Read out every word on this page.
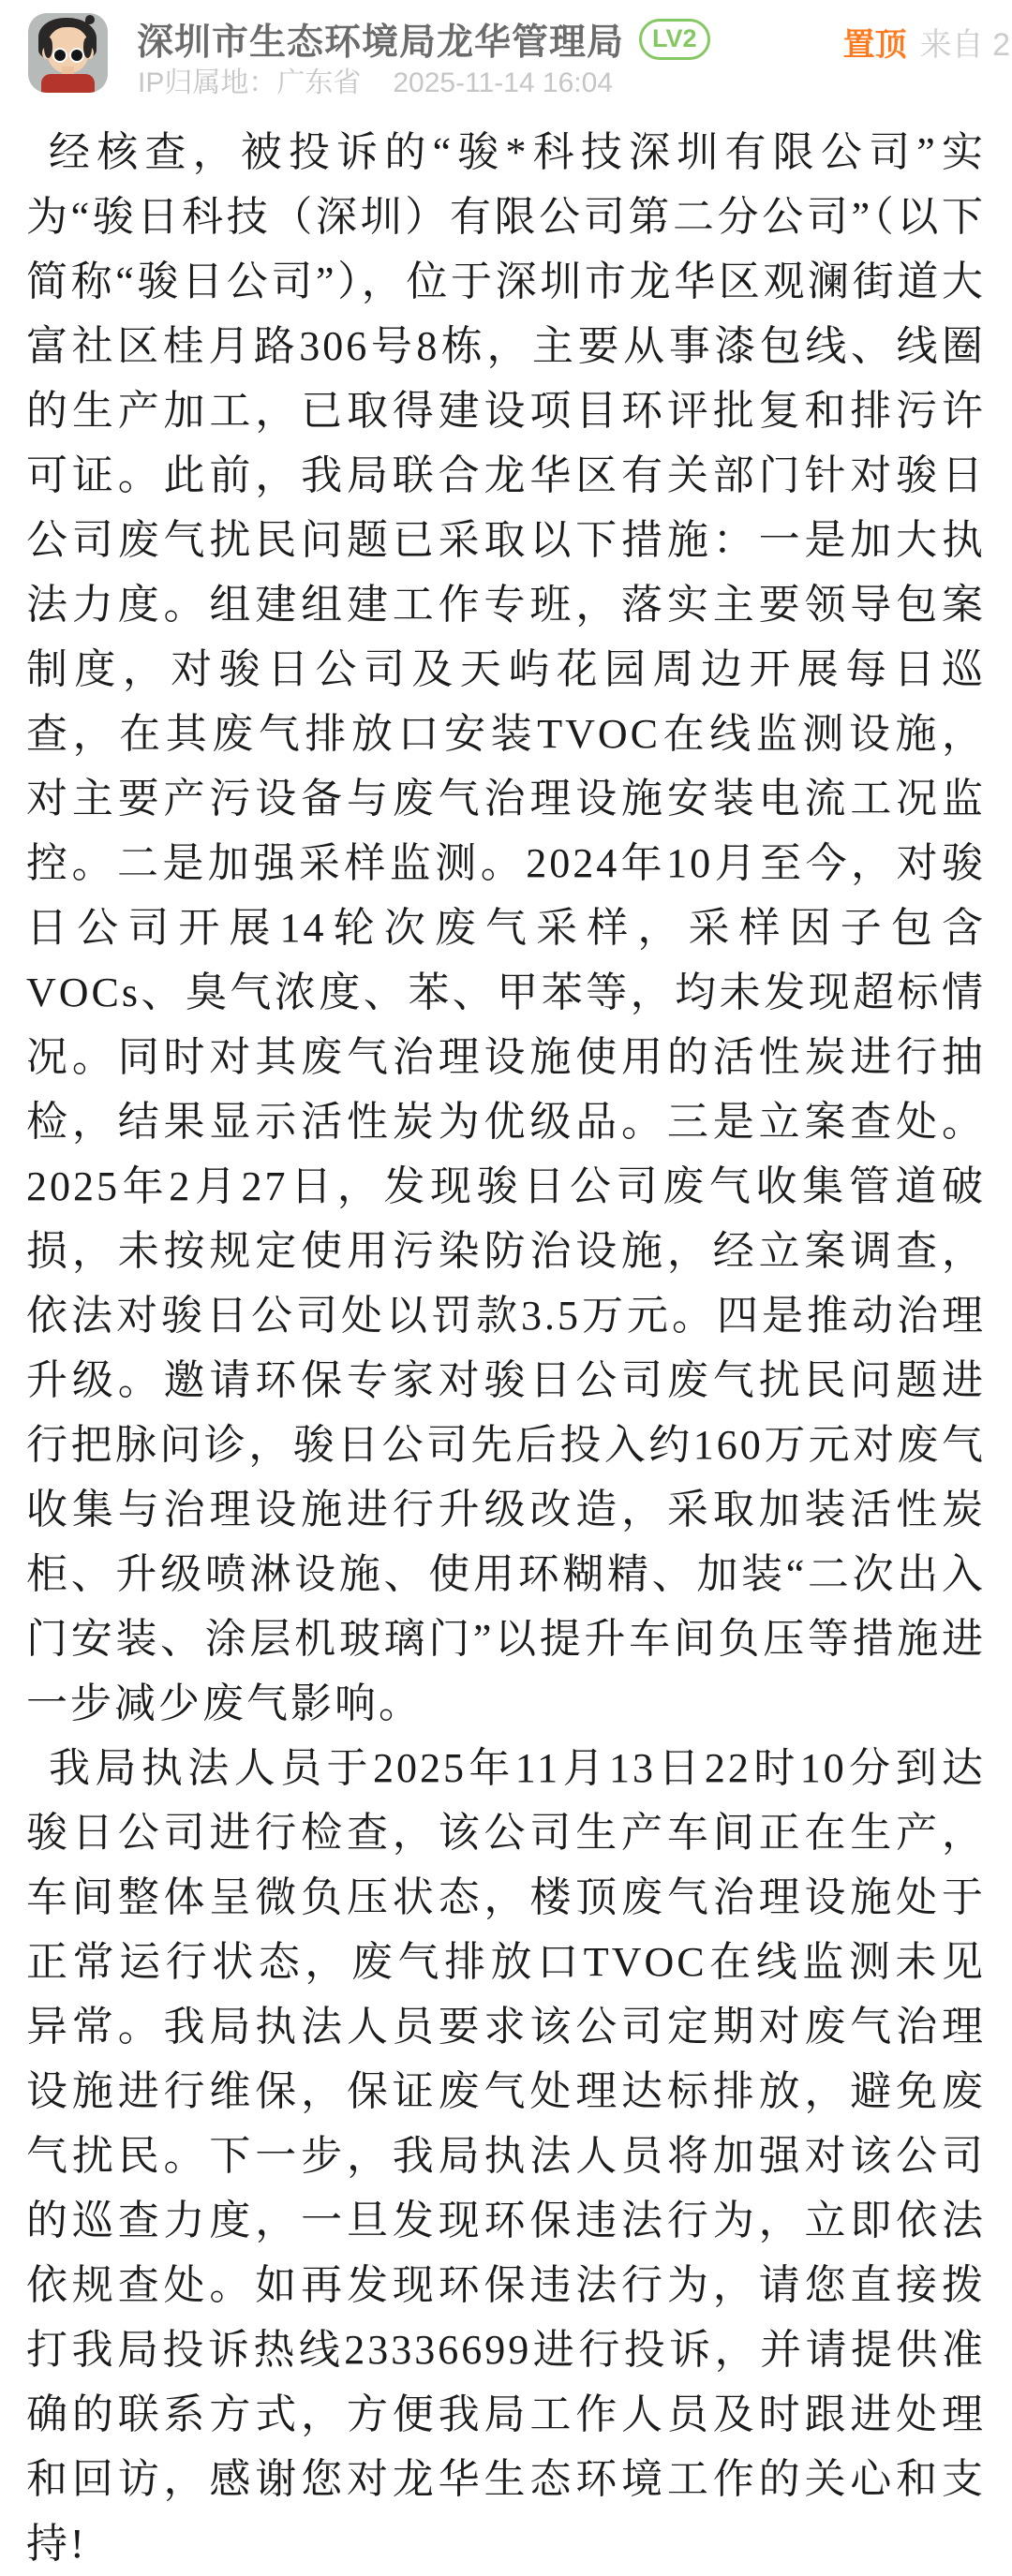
深圳市生态环境局龙华管理局	LV2
IP归属地：广东省 2025-11-14 16:04
置顶 来自 2

经核查，被投诉的“骏*科技深圳有限公司”实为“骏日科技（深圳）有限公司第二分公司”（以下简称“骏日公司”），位于深圳市龙华区观澜街道大富社区桂月路306号8栋，主要从事漆包线、线圈的生产加工，已取得建设项目环评批复和排污许可证。此前，我局联合龙华区有关部门针对骏日公司废气扰民问题已采取以下措施：一是加大执法力度。组建组建工作专班，落实主要领导包案制度，对骏日公司及天屿花园周边开展每日巡查，在其废气排放口安装TVOC在线监测设施，对主要产污设备与废气治理设施安装电流工况监控。二是加强采样监测。2024年10月至今，对骏日公司开展14轮次废气采样，采样因子包含VOCs、臭气浓度、苯、甲苯等，均未发现超标情况。同时对其废气治理设施使用的活性炭进行抽检，结果显示活性炭为优级品。三是立案查处。2025年2月27日，发现骏日公司废气收集管道破损，未按规定使用污染防治设施，经立案调查，依法对骏日公司处以罚款3.5万元。四是推动治理升级。邀请环保专家对骏日公司废气扰民问题进行把脉问诊，骏日公司先后投入约160万元对废气收集与治理设施进行升级改造，采取加装活性炭柜、升级喷淋设施、使用环糊精、加装“二次出入门安装、涂层机玻璃门”以提升车间负压等措施进一步减少废气影响。

我局执法人员于2025年11月13日22时10分到达骏日公司进行检查，该公司生产车间正在生产，车间整体呈微负压状态，楼顶废气治理设施处于正常运行状态，废气排放口TVOC在线监测未见异常。我局执法人员要求该公司定期对废气治理设施进行维保，保证废气处理达标排放，避免废气扰民。下一步，我局执法人员将加强对该公司的巡查力度，一旦发现环保违法行为，立即依法依规查处。如再发现环保违法行为，请您直接拨打我局投诉热线23336699进行投诉，并请提供准确的联系方式，方便我局工作人员及时跟进处理和回访，感谢您对龙华生态环境工作的关心和支持!
